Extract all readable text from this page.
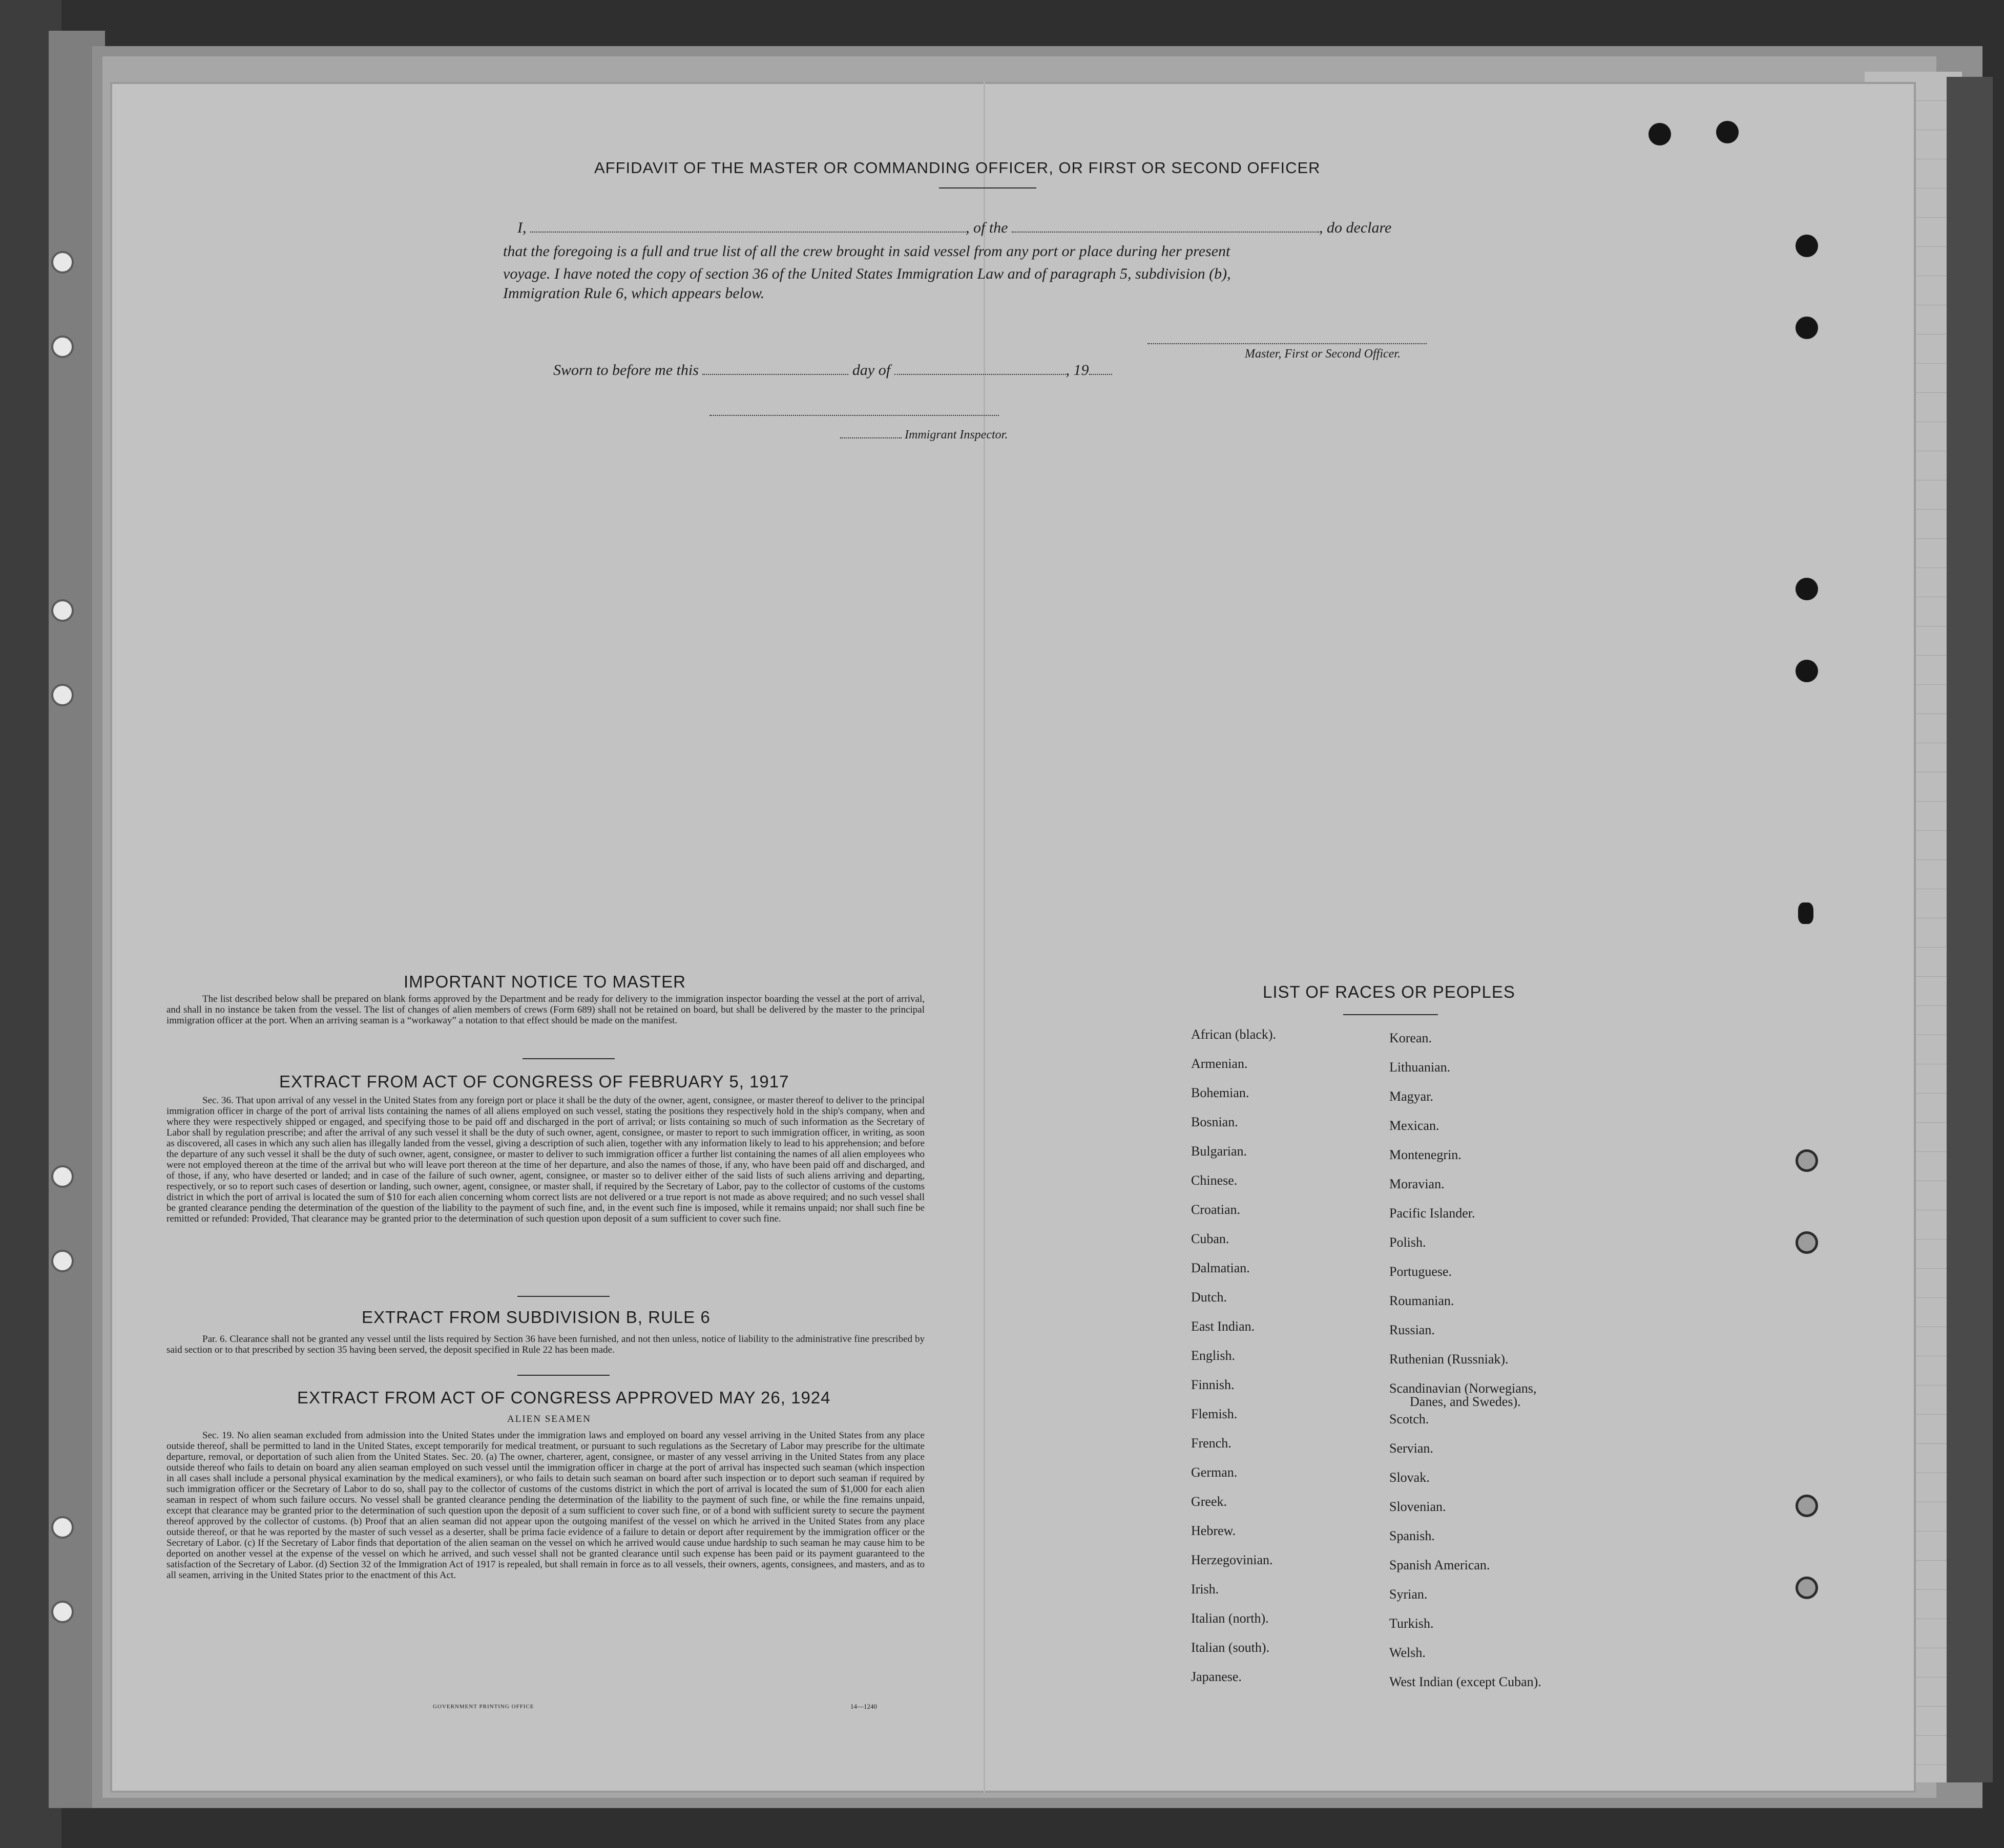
AFFIDAVIT OF THE MASTER OR COMMANDING OFFICER, OR FIRST OR SECOND OFFICER
I,	, of the	, do declare
that the foregoing is a full and true list of all the crew brought in said vessel from any port or place during her present
voyage. I have noted the copy of section 36 of the United States Immigration Law and of paragraph 5, subdivision (b),
Immigration Rule 6, which appears below.
Master, First or Second Officer.
Sworn to before me this	day of	, 19
Immigrant Inspector.
IMPORTANT NOTICE TO MASTER
The list described below shall be prepared on blank forms approved by the Department and be ready for delivery to the immigration inspector boarding the vessel at the port of arrival, and shall in no instance be taken from the vessel. The list of changes of alien members of crews (Form 689) shall not be retained on board, but shall be delivered by the master to the principal immigration officer at the port. When an arriving seaman is a “workaway” a notation to that effect should be made on the manifest.
EXTRACT FROM ACT OF CONGRESS OF FEBRUARY 5, 1917
Sec. 36. That upon arrival of any vessel in the United States from any foreign port or place it shall be the duty of the owner, agent, consignee, or master thereof to deliver to the principal immigration officer in charge of the port of arrival lists containing the names of all aliens employed on such vessel, stating the positions they respectively hold in the ship's company, when and where they were respectively shipped or engaged, and specifying those to be paid off and discharged in the port of arrival; or lists containing so much of such information as the Secretary of Labor shall by regulation prescribe; and after the arrival of any such vessel it shall be the duty of such owner, agent, consignee, or master to report to such immigration officer, in writing, as soon as discovered, all cases in which any such alien has illegally landed from the vessel, giving a description of such alien, together with any information likely to lead to his apprehension; and before the departure of any such vessel it shall be the duty of such owner, agent, consignee, or master to deliver to such immigration officer a further list containing the names of all alien employees who were not employed thereon at the time of the arrival but who will leave port thereon at the time of her departure, and also the names of those, if any, who have been paid off and discharged, and of those, if any, who have deserted or landed; and in case of the failure of such owner, agent, consignee, or master so to deliver either of the said lists of such aliens arriving and departing, respectively, or so to report such cases of desertion or landing, such owner, agent, consignee, or master shall, if required by the Secretary of Labor, pay to the collector of customs of the customs district in which the port of arrival is located the sum of $10 for each alien concerning whom correct lists are not delivered or a true report is not made as above required; and no such vessel shall be granted clearance pending the determination of the question of the liability to the payment of such fine, and, in the event such fine is imposed, while it remains unpaid; nor shall such fine be remitted or refunded: Provided, That clearance may be granted prior to the determination of such question upon deposit of a sum sufficient to cover such fine.
EXTRACT FROM SUBDIVISION B, RULE 6
Par. 6. Clearance shall not be granted any vessel until the lists required by Section 36 have been furnished, and not then unless, notice of liability to the administrative fine prescribed by said section or to that prescribed by section 35 having been served, the deposit specified in Rule 22 has been made.
EXTRACT FROM ACT OF CONGRESS APPROVED MAY 26, 1924
ALIEN SEAMEN
Sec. 19. No alien seaman excluded from admission into the United States under the immigration laws and employed on board any vessel arriving in the United States from any place outside thereof, shall be permitted to land in the United States, except temporarily for medical treatment, or pursuant to such regulations as the Secretary of Labor may prescribe for the ultimate departure, removal, or deportation of such alien from the United States. Sec. 20. (a) The owner, charterer, agent, consignee, or master of any vessel arriving in the United States from any place outside thereof who fails to detain on board any alien seaman employed on such vessel until the immigration officer in charge at the port of arrival has inspected such seaman (which inspection in all cases shall include a personal physical examination by the medical examiners), or who fails to detain such seaman on board after such inspection or to deport such seaman if required by such immigration officer or the Secretary of Labor to do so, shall pay to the collector of customs of the customs district in which the port of arrival is located the sum of $1,000 for each alien seaman in respect of whom such failure occurs. No vessel shall be granted clearance pending the determination of the liability to the payment of such fine, or while the fine remains unpaid, except that clearance may be granted prior to the determination of such question upon the deposit of a sum sufficient to cover such fine, or of a bond with sufficient surety to secure the payment thereof approved by the collector of customs. (b) Proof that an alien seaman did not appear upon the outgoing manifest of the vessel on which he arrived in the United States from any place outside thereof, or that he was reported by the master of such vessel as a deserter, shall be prima facie evidence of a failure to detain or deport after requirement by the immigration officer or the Secretary of Labor. (c) If the Secretary of Labor finds that deportation of the alien seaman on the vessel on which he arrived would cause undue hardship to such seaman he may cause him to be deported on another vessel at the expense of the vessel on which he arrived, and such vessel shall not be granted clearance until such expense has been paid or its payment guaranteed to the satisfaction of the Secretary of Labor. (d) Section 32 of the Immigration Act of 1917 is repealed, but shall remain in force as to all vessels, their owners, agents, consignees, and masters, and as to all seamen, arriving in the United States prior to the enactment of this Act.
GOVERNMENT PRINTING OFFICE	14—1240
LIST OF RACES OR PEOPLES
African (black).
Armenian.
Bohemian.
Bosnian.
Bulgarian.
Chinese.
Croatian.
Cuban.
Dalmatian.
Dutch.
East Indian.
English.
Finnish.
Flemish.
French.
German.
Greek.
Hebrew.
Herzegovinian.
Irish.
Italian (north).
Italian (south).
Japanese.
Korean.
Lithuanian.
Magyar.
Mexican.
Montenegrin.
Moravian.
Pacific Islander.
Polish.
Portuguese.
Roumanian.
Russian.
Ruthenian (Russniak).
Scandinavian (Norwegians,
Scotch.
Servian.
Slovak.
Slovenian.
Spanish.
Spanish American.
Syrian.
Turkish.
Welsh.
West Indian (except Cuban).
Danes, and Swedes).
